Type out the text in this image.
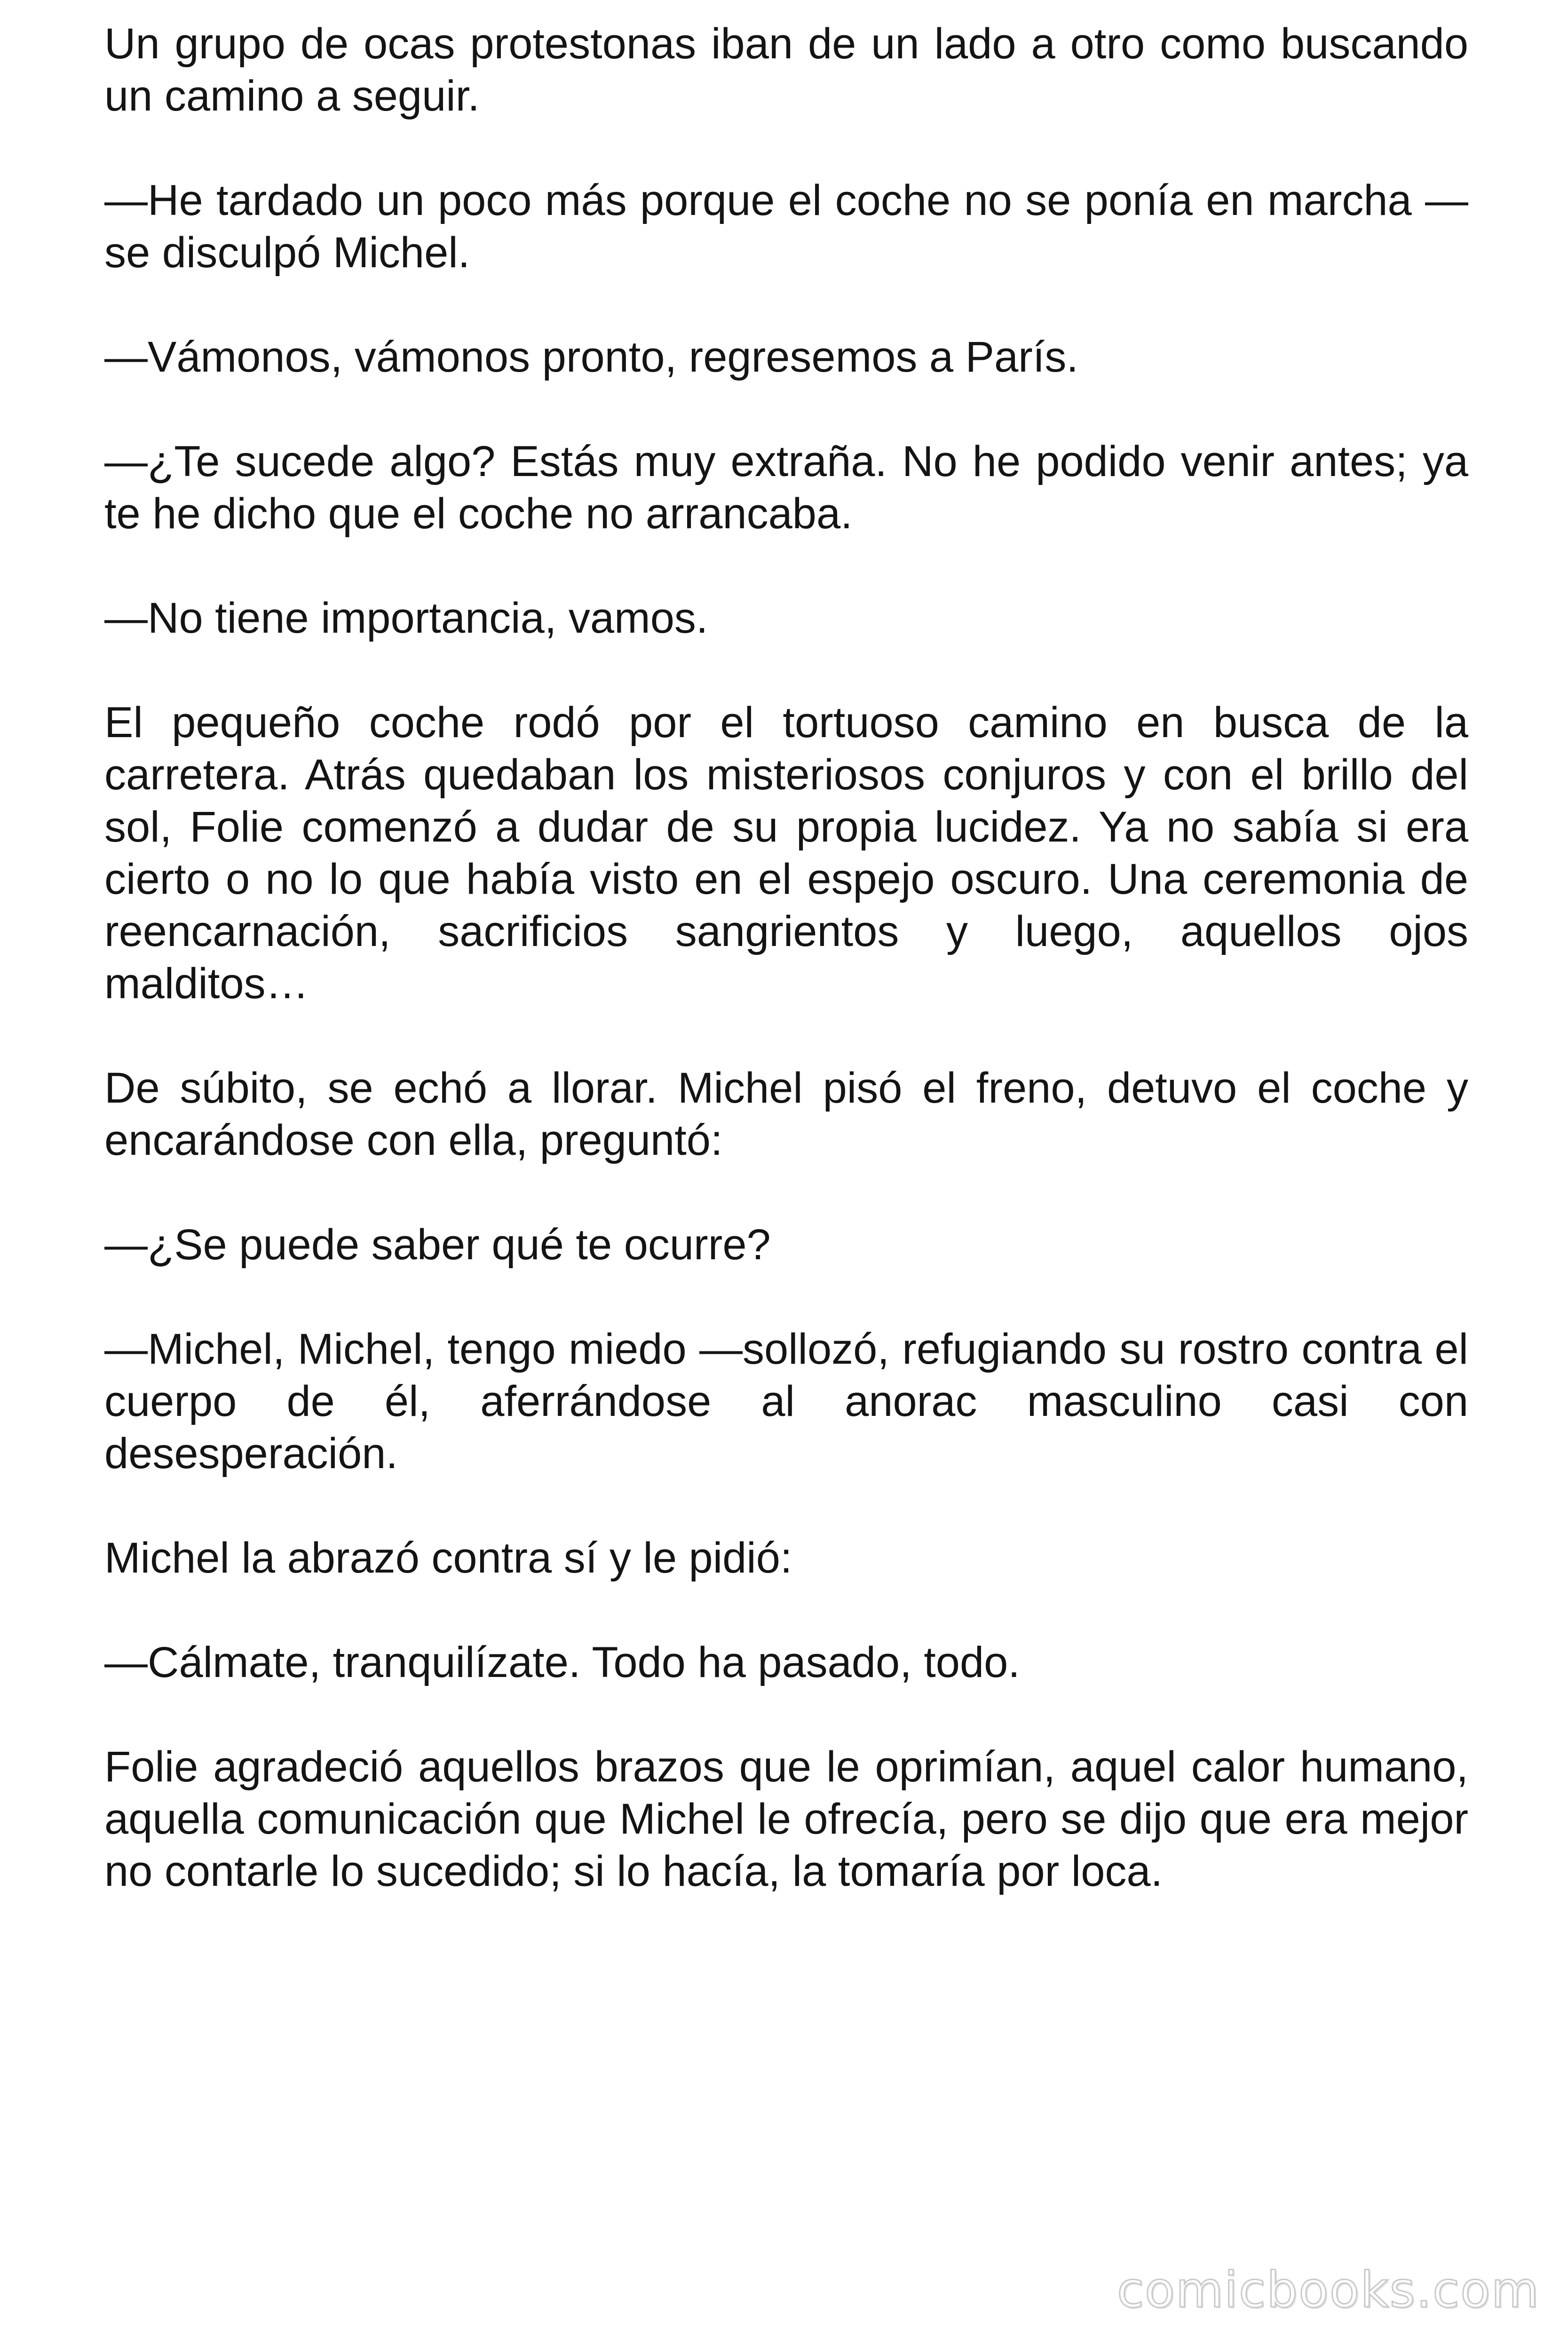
Un grupo de ocas protestonas iban de un lado a otro como buscando un camino a seguir.

—He tardado un poco más porque el coche no se ponía en marcha —se disculpó Michel.

—Vámonos, vámonos pronto, regresemos a París.

—¿Te sucede algo? Estás muy extraña. No he podido venir antes; ya te he dicho que el coche no arrancaba.

—No tiene importancia, vamos.

El pequeño coche rodó por el tortuoso camino en busca de la carretera. Atrás quedaban los misteriosos conjuros y con el brillo del sol, Folie comenzó a dudar de su propia lucidez. Ya no sabía si era cierto o no lo que había visto en el espejo oscuro. Una ceremonia de reencarnación, sacrificios sangrientos y luego, aquellos ojos malditos…

De súbito, se echó a llorar. Michel pisó el freno, detuvo el coche y encarándose con ella, preguntó:

—¿Se puede saber qué te ocurre?

—Michel, Michel, tengo miedo —sollozó, refugiando su rostro contra el cuerpo de él, aferrándose al anorac masculino casi con desesperación.

Michel la abrazó contra sí y le pidió:

—Cálmate, tranquilízate. Todo ha pasado, todo.

Folie agradeció aquellos brazos que le oprimían, aquel calor humano, aquella comunicación que Michel le ofrecía, pero se dijo que era mejor no contarle lo sucedido; si lo hacía, la tomaría por loca.

comicbooks.com
